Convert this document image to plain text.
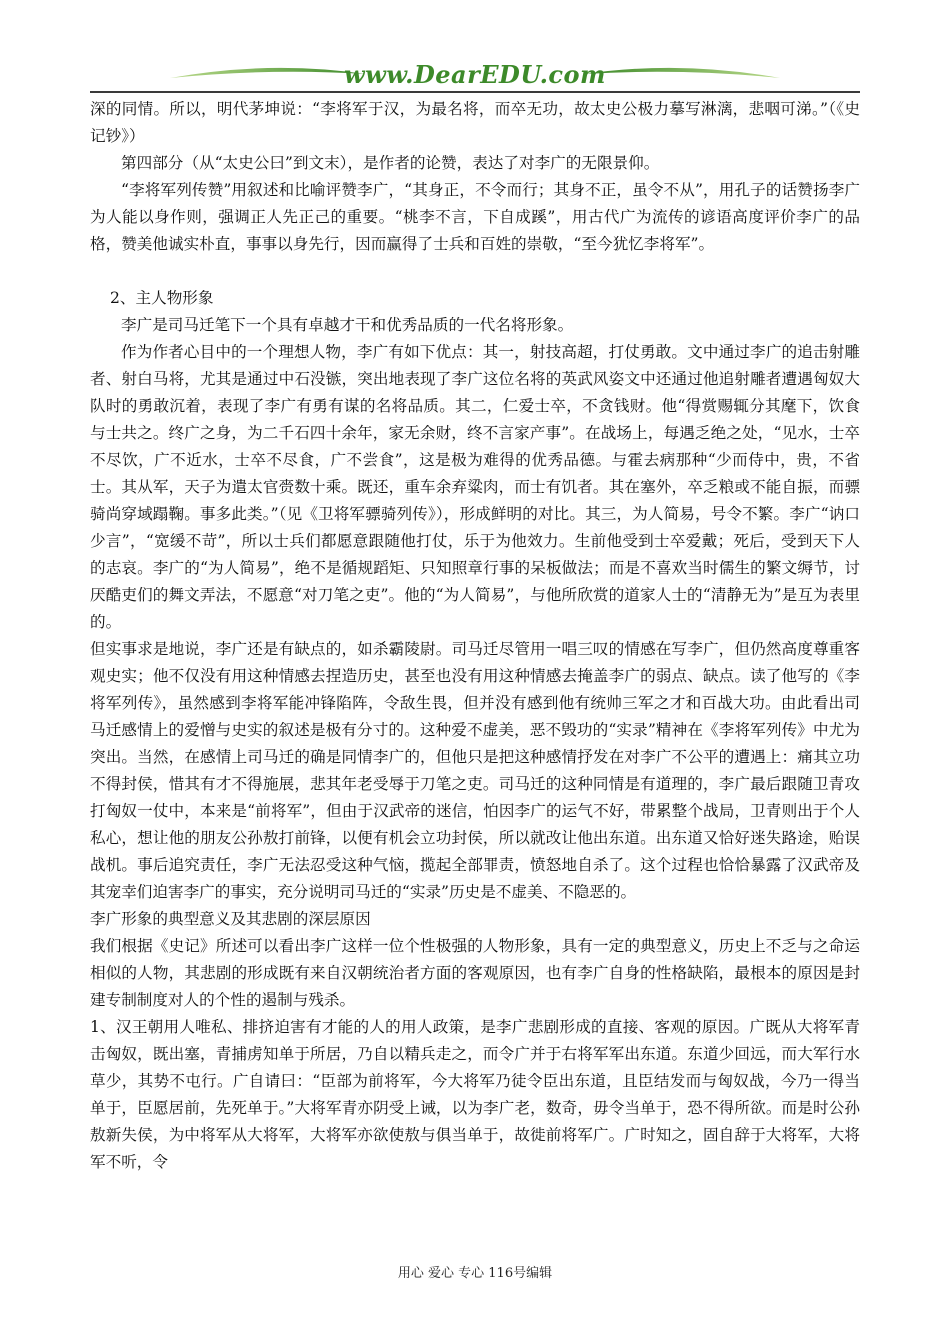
www.DearEDU.com

深的同情。所以，明代茅坤说：“李将军于汉，为最名将，而卒无功，故太史公极力摹写淋漓，悲咽可涕。”（《史记钞》）

第四部分（从“太史公曰”到文末），是作者的论赞，表达了对李广的无限景仰。

“李将军列传赞”用叙述和比喻评赞李广，“其身正，不令而行；其身不正，虽令不从”，用孔子的话赞扬李广为人能以身作则，强调正人先正己的重要。“桃李不言，下自成蹊”，用古代广为流传的谚语高度评价李广的品格，赞美他诚实朴直，事事以身先行，因而赢得了士兵和百姓的崇敬，“至今犹忆李将军”。

2、主人物形象

李广是司马迁笔下一个具有卓越才干和优秀品质的一代名将形象。

作为作者心目中的一个理想人物，李广有如下优点：其一，射技高超，打仗勇敢。文中通过李广的追击射雕者、射白马将，尤其是通过中石没镞，突出地表现了李广这位名将的英武风姿文中还通过他追射雕者遭遇匈奴大队时的勇敢沉着，表现了李广有勇有谋的名将品质。其二，仁爱士卒，不贪钱财。他“得赏赐辄分其麾下，饮食与士共之。终广之身，为二千石四十余年，家无余财，终不言家产事”。在战场上，每遇乏绝之处，“见水，士卒不尽饮，广不近水，士卒不尽食，广不尝食”，这是极为难得的优秀品德。与霍去病那种“少而侍中，贵，不省士。其从军，天子为遣太官赍数十乘。既还，重车余弃粱肉，而士有饥者。其在塞外，卒乏粮或不能自振，而骠骑尚穿域蹋鞠。事多此类。”（见《卫将军骠骑列传》），形成鲜明的对比。其三，为人简易，号令不繁。李广“讷口少言”，“宽缓不苛”，所以士兵们都愿意跟随他打仗，乐于为他效力。生前他受到士卒爱戴；死后，受到天下人的志哀。李广的“为人简易”，绝不是循规蹈矩、只知照章行事的呆板做法；而是不喜欢当时儒生的繁文缛节，讨厌酷吏们的舞文弄法，不愿意“对刀笔之吏”。他的“为人简易”，与他所欣赏的道家人士的“清静无为”是互为表里的。

但实事求是地说，李广还是有缺点的，如杀霸陵尉。司马迁尽管用一唱三叹的情感在写李广，但仍然高度尊重客观史实；他不仅没有用这种情感去捏造历史，甚至也没有用这种情感去掩盖李广的弱点、缺点。读了他写的《李将军列传》，虽然感到李将军能冲锋陷阵，令敌生畏，但并没有感到他有统帅三军之才和百战大功。由此看出司马迁感情上的爱憎与史实的叙述是极有分寸的。这种爱不虚美，恶不毁功的“实录”精神在《李将军列传》中尤为突出。当然，在感情上司马迁的确是同情李广的，但他只是把这种感情抒发在对李广不公平的遭遇上：痛其立功不得封侯，惜其有才不得施展，悲其年老受辱于刀笔之吏。司马迁的这种同情是有道理的，李广最后跟随卫青攻打匈奴一仗中，本来是“前将军”，但由于汉武帝的迷信，怕因李广的运气不好，带累整个战局，卫青则出于个人私心，想让他的朋友公孙敖打前锋，以便有机会立功封侯，所以就改让他出东道。出东道又恰好迷失路途，贻误战机。事后追究责任，李广无法忍受这种气恼，揽起全部罪责，愤怒地自杀了。这个过程也恰恰暴露了汉武帝及其宠幸们迫害李广的事实，充分说明司马迁的“实录”历史是不虚美、不隐恶的。

李广形象的典型意义及其悲剧的深层原因

我们根据《史记》所述可以看出李广这样一位个性极强的人物形象，具有一定的典型意义，历史上不乏与之命运相似的人物，其悲剧的形成既有来自汉朝统治者方面的客观原因，也有李广自身的性格缺陷，最根本的原因是封建专制制度对人的个性的遏制与残杀。

1、汉王朝用人唯私、排挤迫害有才能的人的用人政策，是李广悲剧形成的直接、客观的原因。广既从大将军青击匈奴，既出塞，青捕虏知单于所居，乃自以精兵走之，而令广并于右将军军出东道。东道少回远，而大军行水草少，其势不屯行。广自请曰：“臣部为前将军，今大将军乃徒令臣出东道，且臣结发而与匈奴战，今乃一得当单于，臣愿居前，先死单于。”大将军青亦阴受上诫，以为李广老，数奇，毋令当单于，恐不得所欲。而是时公孙敖新失侯，为中将军从大将军，大将军亦欲使敖与俱当单于，故徙前将军广。广时知之，固自辞于大将军，大将军不听，令

用心 爱心 专心 116号编辑
